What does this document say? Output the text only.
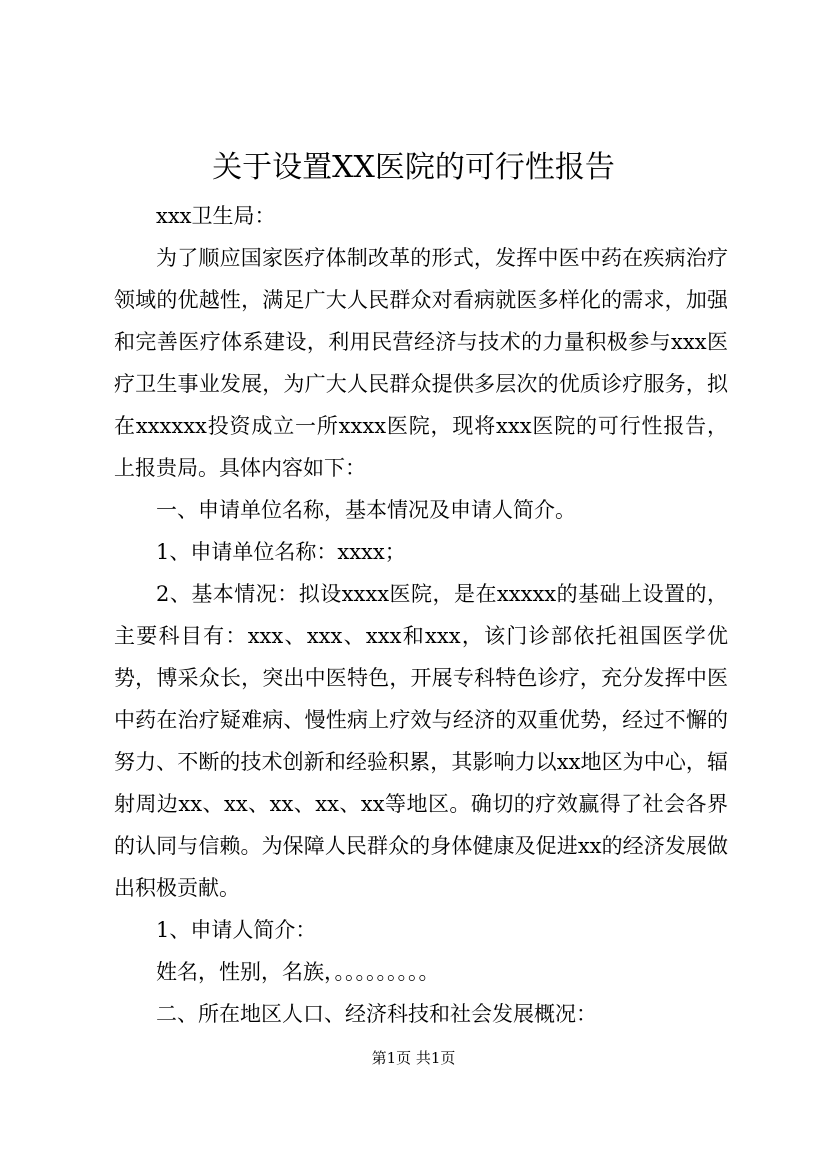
关于设置XX医院的可行性报告

xxx卫生局：

为了顺应国家医疗体制改革的形式，发挥中医中药在疾病治疗领域的优越性，满足广大人民群众对看病就医多样化的需求，加强和完善医疗体系建设，利用民营经济与技术的力量积极参与xxx医疗卫生事业发展，为广大人民群众提供多层次的优质诊疗服务，拟在xxxxxx投资成立一所xxxx医院，现将xxx医院的可行性报告，上报贵局。具体内容如下：

一、申请单位名称，基本情况及申请人简介。

1、申请单位名称：xxxx；

2、基本情况：拟设xxxx医院，是在xxxxx的基础上设置的，主要科目有：xxx、xxx、xxx和xxx，该门诊部依托祖国医学优势，博采众长，突出中医特色，开展专科特色诊疗，充分发挥中医中药在治疗疑难病、慢性病上疗效与经济的双重优势，经过不懈的努力、不断的技术创新和经验积累，其影响力以xx地区为中心，辐射周边xx、xx、xx、xx、xx等地区。确切的疗效赢得了社会各界的认同与信赖。为保障人民群众的身体健康及促进xx的经济发展做出积极贡献。

1、申请人简介：

姓名，性别，名族，。。。。。。。。。

二、所在地区人口、经济科技和社会发展概况：

第1页 共1页
